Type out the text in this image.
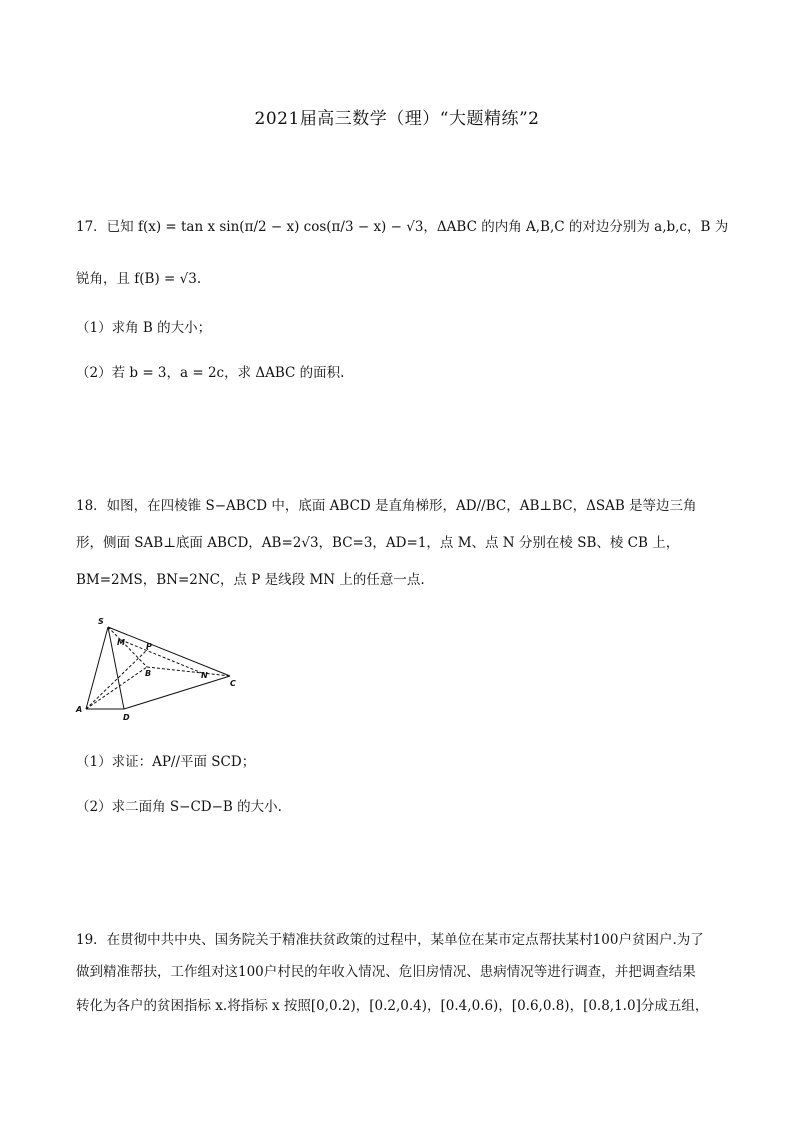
2021届高三数学（理）“大题精练”2
17．已知 f(x) = tan x sin(π/2 − x) cos(π/3 − x) − √3，ΔABC 的内角 A,B,C 的对边分别为 a,b,c，B 为
锐角，且 f(B) = √3.
（1）求角 B 的大小；
（2）若 b = 3，a = 2c，求 ΔABC 的面积.
18．如图，在四棱锥 S−ABCD 中，底面 ABCD 是直角梯形，AD//BC，AB⊥BC，ΔSAB 是等边三角
形，侧面 SAB⊥底面 ABCD，AB=2√3，BC=3，AD=1，点 M、点 N 分别在棱 SB、棱 CB 上，
BM=2MS，BN=2NC，点 P 是线段 MN 上的任意一点.
S
M	P
B	N
C
A
D
（1）求证：AP//平面 SCD；
（2）求二面角 S−CD−B 的大小.
19．在贯彻中共中央、国务院关于精准扶贫政策的过程中，某单位在某市定点帮扶某村100户贫困户.为了
做到精准帮扶，工作组对这100户村民的年收入情况、危旧房情况、患病情况等进行调查，并把调查结果
转化为各户的贫困指标 x.将指标 x 按照[0,0.2)，[0.2,0.4)，[0.4,0.6)，[0.6,0.8)，[0.8,1.0]分成五组，
